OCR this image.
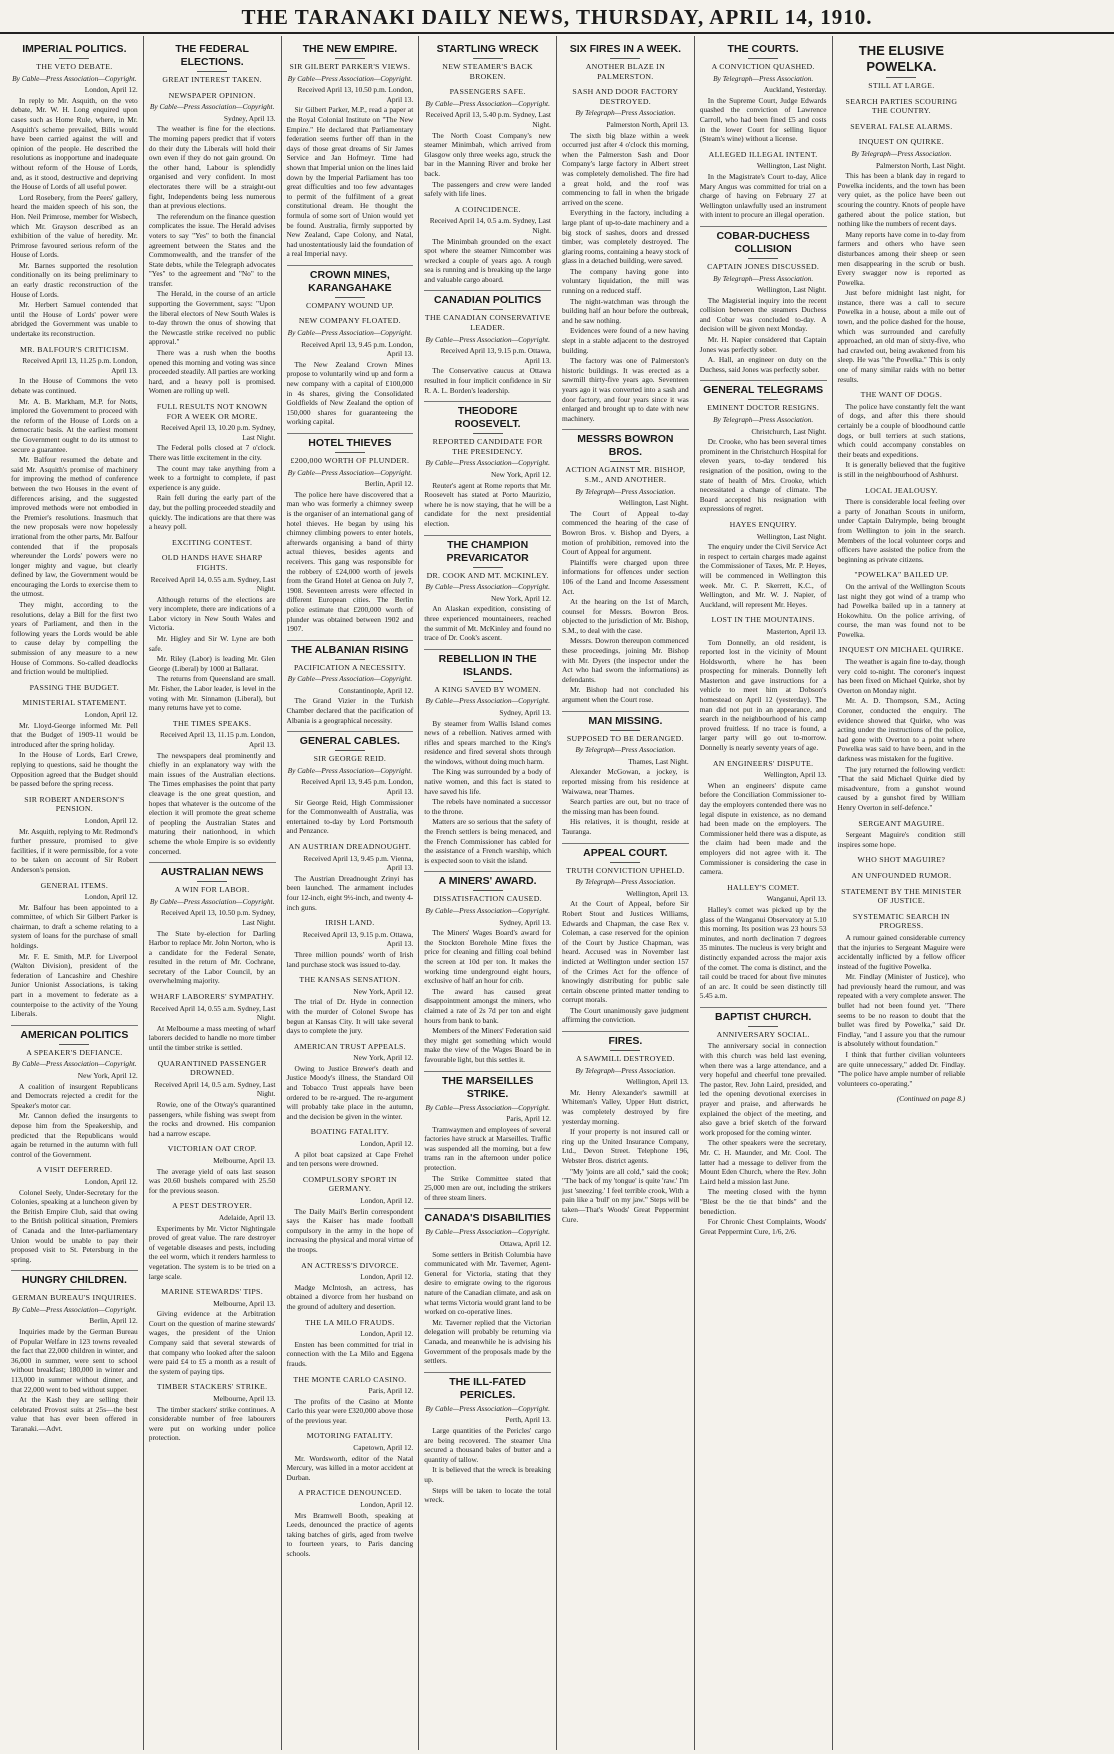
THE TARANAKI DAILY NEWS, THURSDAY, APRIL 14, 1910.
IMPERIAL POLITICS.
THE VETO DEBATE.
By Cable—Press Association—Copyright.
London, April 12.
In reply to Mr. Asquith, on the veto debate, Mr. W. H. Long enquired upon cases such as Home Rule, where, in Mr. Asquith's scheme prevailed, Bills would have been carried against the will and opinion of the people. He described the resolutions as inopportune and inadequate without reform of the House of Lords, and, as it stood, destructive and depriving the House of Lords of all useful power.
Lord Rosebery, from the Peers' gallery, heard the maiden speech of his son, the Hon. Neil Primrose, member for Wisbech, which Mr. Grayson described as an exhibition of the value of heredity. Mr. Primrose favoured serious reform of the House of Lords.
Mr. Barnes supported the resolution conditionally on its being preliminary to an early drastic reconstruction of the House of Lords.
Mr. Herbert Samuel contended that until the House of Lords' power were abridged the Government was unable to undertake its reconstruction.
MR. BALFOUR'S CRITICISM.
Received April 13, 11.25 p.m. London, April 13.
In the House of Commons the veto debate was continued.
Mr. A. B. Markham, M.P. for Notts, implored the Government to proceed with the reform of the House of Lords on a democratic basis. At the earliest moment the Government ought to do its utmost to secure a guarantee.
Mr. Balfour resumed the debate and said Mr. Asquith's promise of machinery for improving the method of conference between the two Houses in the event of differences arising, and the suggested improved methods were not embodied in the Premier's resolutions. Inasmuch that the new proposals were now hopelessly irrational from the other parts, Mr. Balfour contended that if the proposals whereunder the Lords' powers were no longer mighty and vague, but clearly defined by law, the Government would be encouraging the Lords to exercise them to the utmost.
They might, according to the resolutions, delay a Bill for the first two years of Parliament, and then in the following years the Lords would be able to cause delay by compelling the submission of any measure to a new House of Commons. So-called deadlocks and friction would be multiplied.
PASSING THE BUDGET.
MINISTERIAL STATEMENT.
London, April 12.
Mr. Lloyd-George informed Mr. Pell that the Budget of 1909-11 would be introduced after the spring holiday.
In the House of Lords, Earl Crewe, replying to questions, said he thought the Opposition agreed that the Budget should be passed before the spring recess.
SIR ROBERT ANDERSON'S PENSION.
London, April 12.
Mr. Asquith, replying to Mr. Redmond's further pressure, promised to give facilities, if it were permissible, for a vote to be taken on account of Sir Robert Anderson's pension.
GENERAL ITEMS.
London, April 12.
Mr. Balfour has been appointed to a committee, of which Sir Gilbert Parker is chairman, to draft a scheme relating to a system of loans for the purchase of small holdings.
Mr. F. E. Smith, M.P. for Liverpool (Walton Division), president of the federation of Lancashire and Cheshire Junior Unionist Associations, is taking part in a movement to federate as a counterpoise to the activity of the Young Liberals.
AMERICAN POLITICS
A SPEAKER'S DEFIANCE.
By Cable—Press Association—Copyright.
New York, April 12.
A coalition of insurgent Republicans and Democrats rejected a credit for the Speaker's motor car.
Mr. Cannon defied the insurgents to depose him from the Speakership, and predicted that the Republicans would again be returned in the autumn with full control of the Government.
A VISIT DEFERRED.
London, April 12.
Colonel Seely, Under-Secretary for the Colonies, speaking at a luncheon given by the British Empire Club, said that owing to the British political situation, Premiers of Canada and the Inter-parliamentary Union would be unable to pay their proposed visit to St. Petersburg in the spring.
HUNGRY CHILDREN.
GERMAN BUREAU'S INQUIRIES.
By Cable—Press Association—Copyright.
Berlin, April 12.
Inquiries made by the German Bureau of Popular Welfare in 123 towns revealed the fact that 22,000 children in winter, and 36,000 in summer, were sent to school without breakfast; 180,000 in winter and 113,000 in summer without dinner, and that 22,000 went to bed without supper.
At the Kash they are selling their celebrated Provost suits at 25s—the best value that has ever been offered in Taranaki.—Advt.
THE FEDERAL ELECTIONS.
GREAT INTEREST TAKEN.
NEWSPAPER OPINION.
By Cable—Press Association—Copyright.
Sydney, April 13.
The weather is fine for the elections. The morning papers predict that if voters do their duty the Liberals will hold their own even if they do not gain ground. On the other hand, Labour is splendidly organised and very confident. In most electorates there will be a straight-out fight, Independents being less numerous than at previous elections.
The referendum on the finance question complicates the issue. The Herald advises voters to say "Yes" to both the financial agreement between the States and the Commonwealth, and the transfer of the State debts, while the Telegraph advocates "Yes" to the agreement and "No" to the transfer.
The Herald, in the course of an article supporting the Government, says: "Upon the liberal electors of New South Wales is to-day thrown the onus of showing that the Newcastle strike received no public approval."
There was a rush when the booths opened this morning and voting was since proceeded steadily. All parties are working hard, and a heavy poll is promised. Women are rolling up well.
FULL RESULTS NOT KNOWN FOR A WEEK OR MORE.
Received April 13, 10.20 p.m. Sydney, Last Night.
The Federal polls closed at 7 o'clock. There was little excitement in the city.
The count may take anything from a week to a fortnight to complete, if past experience is any guide.
Rain fell during the early part of the day, but the polling proceeded steadily and quickly. The indications are that there was a heavy poll.
EXCITING CONTEST.
OLD HANDS HAVE SHARP FIGHTS.
Received April 14, 0.55 a.m. Sydney, Last Night.
Although returns of the elections are very incomplete, there are indications of a Labor victory in New South Wales and Victoria.
Mr. Higley and Sir W. Lyne are both safe.
Mr. Riley (Labor) is leading Mr. Glen George (Liberal) by 1000 at Ballarat.
The returns from Queensland are small. Mr. Fisher, the Labor leader, is level in the voting with Mr. Sinnamon (Liberal), but many returns have yet to come.
THE TIMES SPEAKS.
Received April 13, 11.15 p.m. London, April 13.
The newspapers deal prominently and chiefly in an explanatory way with the main issues of the Australian elections. The Times emphasises the point that party cleavage is the one great question, and hopes that whatever is the outcome of the election it will promote the great scheme of peopling the Australian States and maturing their nationhood, in which scheme the whole Empire is so evidently concerned.
AUSTRALIAN NEWS
A WIN FOR LABOR.
By Cable—Press Association—Copyright.
Received April 13, 10.50 p.m. Sydney, Last Night.
The State by-election for Darling Harbor to replace Mr. John Norton, who is a candidate for the Federal Senate, resulted in the return of Mr. Cochrane, secretary of the Labor Council, by an overwhelming majority.
WHARF LABORERS' SYMPATHY.
Received April 14, 0.55 a.m. Sydney, Last Night.
At Melbourne a mass meeting of wharf laborers decided to handle no more timber until the timber strike is settled.
QUARANTINED PASSENGER DROWNED.
Received April 14, 0.5 a.m. Sydney, Last Night.
Rowie, one of the Otway's quarantined passengers, while fishing was swept from the rocks and drowned. His companion had a narrow escape.
VICTORIAN OAT CROP.
Melbourne, April 13.
The average yield of oats last season was 20.60 bushels compared with 25.50 for the previous season.
A PEST DESTROYER.
Adelaide, April 13.
Experiments by Mr. Victor Nightingale proved of great value. The rare destroyer of vegetable diseases and pests, including the eel worm, which it renders harmless to vegetation. The system is to be tried on a large scale.
MARINE STEWARDS' TIPS.
Melbourne, April 13.
Giving evidence at the Arbitration Court on the question of marine stewards' wages, the president of the Union Company said that several stewards of that company who looked after the saloon were paid £4 to £5 a month as a result of the system of paying tips.
TIMBER STACKERS' STRIKE.
Melbourne, April 13.
The timber stackers' strike continues. A considerable number of free labourers were put on working under police protection.
THE NEW EMPIRE.
SIR GILBERT PARKER'S VIEWS.
By Cable—Press Association—Copyright.
Received April 13, 10.50 p.m. London, April 13.
Sir Gilbert Parker, M.P., read a paper at the Royal Colonial Institute on "The New Empire." He declared that Parliamentary federation seems further off than in the days of those great dreams of Sir James Service and Jan Hofmeyr. Time had shown that Imperial union on the lines laid down by the Imperial Parliament has too great difficulties and too few advantages to permit of the fulfilment of a great constitutional dream. He thought the formula of some sort of Union would yet be found. Australia, firmly supported by New Zealand, Cape Colony, and Natal, had unostentatiously laid the foundation of a real Imperial navy.
CROWN MINES, KARANGAHAKE
COMPANY WOUND UP.
NEW COMPANY FLOATED.
By Cable—Press Association—Copyright.
Received April 13, 9.45 p.m. London, April 13.
The New Zealand Crown Mines propose to voluntarily wind up and form a new company with a capital of £100,000 in 4s shares, giving the Consolidated Goldfields of New Zealand the option of 150,000 shares for guaranteeing the working capital.
HOTEL THIEVES
£200,000 WORTH OF PLUNDER.
By Cable—Press Association—Copyright.
Berlin, April 12.
The police here have discovered that a man who was formerly a chimney sweep is the organiser of an international gang of hotel thieves. He began by using his chimney climbing powers to enter hotels, afterwards organising a band of thirty actual thieves, besides agents and receivers. This gang was responsible for the robbery of £24,000 worth of jewels from the Grand Hotel at Genoa on July 7, 1908. Seventeen arrests were effected in different European cities. The Berlin police estimate that £200,000 worth of plunder was obtained between 1902 and 1907.
THE ALBANIAN RISING
PACIFICATION A NECESSITY.
By Cable—Press Association—Copyright.
Constantinople, April 12.
The Grand Vizier in the Turkish Chamber declared that the pacification of Albania is a geographical necessity.
GENERAL CABLES.
SIR GEORGE REID.
By Cable—Press Association—Copyright.
Received April 13, 9.45 p.m. London, April 13.
Sir George Reid, High Commissioner for the Commonwealth of Australia, was entertained to-day by Lord Portsmouth and Penzance.
AN AUSTRIAN DREADNOUGHT.
Received April 13, 9.45 p.m. Vienna, April 13.
The Austrian Dreadnought Zrinyi has been launched. The armament includes four 12-inch, eight 9½-inch, and twenty 4-inch guns.
IRISH LAND.
Received April 13, 9.15 p.m. Ottawa, April 13.
Three million pounds' worth of Irish land purchase stock was issued to-day.
THE KANSAS SENSATION.
New York, April 12.
The trial of Dr. Hyde in connection with the murder of Colonel Swope has begun at Kansas City. It will take several days to complete the jury.
AMERICAN TRUST APPEALS.
New York, April 12.
Owing to Justice Brewer's death and Justice Moody's illness, the Standard Oil and Tobacco Trust appeals have been ordered to be re-argued. The re-argument will probably take place in the autumn, and the decision be given in the winter.
BOATING FATALITY.
London, April 12.
A pilot boat capsized at Cape Frehel and ten persons were drowned.
COMPULSORY SPORT IN GERMANY.
London, April 12.
The Daily Mail's Berlin correspondent says the Kaiser has made football compulsory in the army in the hope of increasing the physical and moral virtue of the troops.
AN ACTRESS'S DIVORCE.
London, April 12.
Madge McIntosh, an actress, has obtained a divorce from her husband on the ground of adultery and desertion.
THE LA MILO FRAUDS.
London, April 12.
Ensten has been committed for trial in connection with the La Milo and Eggena frauds.
THE MONTE CARLO CASINO.
Paris, April 12.
The profits of the Casino at Monte Carlo this year were £320,000 above those of the previous year.
MOTORING FATALITY.
Capetown, April 12.
Mr. Wordsworth, editor of the Natal Mercury, was killed in a motor accident at Durban.
A PRACTICE DENOUNCED.
London, April 12.
Mrs Bramwell Booth, speaking at Leeds, denounced the practice of agents taking batches of girls, aged from twelve to fourteen years, to Paris dancing schools.
STARTLING WRECK
NEW STEAMER'S BACK BROKEN.
PASSENGERS SAFE.
By Cable—Press Association—Copyright.
Received April 13, 5.40 p.m. Sydney, Last Night.
The North Coast Company's new steamer Minimbah, which arrived from Glasgow only three weeks ago, struck the bar in the Manning River and broke her back.
The passengers and crew were landed safely with life lines.
A COINCIDENCE.
Received April 14, 0.5 a.m. Sydney, Last Night.
The Minimbah grounded on the exact spot where the steamer Nimcomber was wrecked a couple of years ago. A rough sea is running and is breaking up the large and valuable cargo aboard.
CANADIAN POLITICS
THE CANADIAN CONSERVATIVE LEADER.
By Cable—Press Association—Copyright.
Received April 13, 9.15 p.m. Ottawa, April 13.
The Conservative caucus at Ottawa resulted in four implicit confidence in Sir R. A. L. Borden's leadership.
THEODORE ROOSEVELT.
REPORTED CANDIDATE FOR THE PRESIDENCY.
By Cable—Press Association—Copyright.
New York, April 12.
Reuter's agent at Rome reports that Mr. Roosevelt has stated at Porto Maurizio, where he is now staying, that he will be a candidate for the next presidential election.
THE CHAMPION PREVARICATOR
DR. COOK AND MT. MCKINLEY.
By Cable—Press Association—Copyright.
New York, April 12.
An Alaskan expedition, consisting of three experienced mountaineers, reached the summit of Mt. McKinley and found no trace of Dr. Cook's ascent.
REBELLION IN THE ISLANDS.
A KING SAVED BY WOMEN.
By Cable—Press Association—Copyright.
Sydney, April 13.
By steamer from Wallis Island comes news of a rebellion. Natives armed with rifles and spears marched to the King's residence and fired several shots through the windows, without doing much harm.
The King was surrounded by a body of native women, and this fact is stated to have saved his life.
The rebels have nominated a successor to the throne.
Matters are so serious that the safety of the French settlers is being menaced, and the French Commissioner has cabled for the assistance of a French warship, which is expected soon to visit the island.
A MINERS' AWARD.
DISSATISFACTION CAUSED.
By Cable—Press Association—Copyright.
Sydney, April 13.
The Miners' Wages Board's award for the Stockton Borehole Mine fixes the price for cleaning and filling coal behind the screen at 10d per ton. It makes the working time underground eight hours, exclusive of half an hour for crib.
The award has caused great disappointment amongst the miners, who claimed a rate of 2s 7d per ton and eight hours from bank to bank.
Members of the Miners' Federation said they might get something which would make the view of the Wages Board be in favourable light, but this settles it.
THE MARSEILLES STRIKE.
By Cable—Press Association—Copyright.
Paris, April 12.
Tramwaymen and employees of several factories have struck at Marseilles. Traffic was suspended all the morning, but a few trams ran in the afternoon under police protection.
The Strike Committee stated that 25,000 men are out, including the strikers of three steam liners.
CANADA'S DISABILITIES
By Cable—Press Association—Copyright.
Ottawa, April 12.
Some settlers in British Columbia have communicated with Mr. Taverner, Agent-General for Victoria, stating that they desire to emigrate owing to the rigorous nature of the Canadian climate, and ask on what terms Victoria would grant land to be worked on co-operative lines.
Mr. Taverner replied that the Victorian delegation will probably be returning via Canada, and meanwhile he is advising his Government of the proposals made by the settlers.
THE ILL-FATED PERICLES.
By Cable—Press Association—Copyright.
Perth, April 13.
Large quantities of the Pericles' cargo are being recovered. The steamer Una secured a thousand bales of butter and a quantity of tallow.
It is believed that the wreck is breaking up.
Steps will be taken to locate the total wreck.
SIX FIRES IN A WEEK.
ANOTHER BLAZE IN PALMERSTON.
SASH AND DOOR FACTORY DESTROYED.
By Telegraph—Press Association.
Palmerston North, April 13.
The sixth big blaze within a week occurred just after 4 o'clock this morning, when the Palmerston Sash and Door Company's large factory in Albert street was completely demolished. The fire had a great hold, and the roof was commencing to fall in when the brigade arrived on the scene.
Everything in the factory, including a large plant of up-to-date machinery and a big stock of sashes, doors and dressed timber, was completely destroyed. The glaring rooms, containing a heavy stock of glass in a detached building, were saved.
The company having gone into voluntary liquidation, the mill was running on a reduced staff.
The night-watchman was through the building half an hour before the outbreak, and he saw nothing.
Evidences were found of a new having slept in a stable adjacent to the destroyed building.
The factory was one of Palmerston's historic buildings. It was erected as a sawmill thirty-five years ago. Seventeen years ago it was converted into a sash and door factory, and four years since it was enlarged and brought up to date with new machinery.
MESSRS BOWRON BROS.
ACTION AGAINST MR. BISHOP, S.M., AND ANOTHER.
By Telegraph—Press Association.
Wellington, Last Night.
The Court of Appeal to-day commenced the hearing of the case of Bowron Bros. v. Bishop and Dyers, a motion of prohibition, removed into the Court of Appeal for argument.
Plaintiffs were charged upon three informations for offences under section 106 of the Land and Income Assessment Act.
At the hearing on the 1st of March, counsel for Messrs. Bowron Bros. objected to the jurisdiction of Mr. Bishop, S.M., to deal with the case.
Messrs. Dowron thereupon commenced these proceedings, joining Mr. Bishop with Mr. Dyers (the inspector under the Act who had sworn the informations) as defendants.
Mr. Bishop had not concluded his argument when the Court rose.
MAN MISSING.
SUPPOSED TO BE DERANGED.
By Telegraph—Press Association.
Thames, Last Night.
Alexander McGowan, a jockey, is reported missing from his residence at Waiwawa, near Thames.
Search parties are out, but no trace of the missing man has been found.
His relatives, it is thought, reside at Tauranga.
APPEAL COURT.
TRUTH CONVICTION UPHELD.
By Telegraph—Press Association.
Wellington, April 13.
At the Court of Appeal, before Sir Robert Stout and Justices Williams, Edwards and Chapman, the case Rex v. Coleman, a case reserved for the opinion of the Court by Justice Chapman, was heard. Accused was in November last indicted at Wellington under section 157 of the Crimes Act for the offence of knowingly distributing for public sale certain obscene printed matter tending to corrupt morals.
The Court unanimously gave judgment affirming the conviction.
FIRES.
A SAWMILL DESTROYED.
By Telegraph—Press Association.
Wellington, April 13.
Mr. Henry Alexander's sawmill at Whiteman's Valley, Upper Hutt district, was completely destroyed by fire yesterday morning.
If your property is not insured call or ring up the United Insurance Company, Ltd., Devon Street. Telephone 196, Webster Bros. district agents.
"My 'joints are all cold," said the cook; "The back of my 'tongue' is quite 'raw.' I'm just 'sneezing.' I feel terrible crook, With a pain like a 'bull' on my jaw." Steps will be taken—That's Woods' Great Peppermint Cure.
THE COURTS.
A CONVICTION QUASHED.
By Telegraph—Press Association.
Auckland, Yesterday.
In the Supreme Court, Judge Edwards quashed the conviction of Lawrence Carroll, who had been fined £5 and costs in the lower Court for selling liquor (Steam's wine) without a license.
ALLEGED ILLEGAL INTENT.
Wellington, Last Night.
In the Magistrate's Court to-day, Alice Mary Angus was committed for trial on a charge of having on February 27 at Wellington unlawfully used an instrument with intent to procure an illegal operation.
COBAR-DUCHESS COLLISION
CAPTAIN JONES DISCUSSED.
By Telegraph—Press Association.
Wellington, Last Night.
The Magisterial inquiry into the recent collision between the steamers Duchess and Cobar was concluded to-day. A decision will be given next Monday.
Mr. H. Napier considered that Captain Jones was perfectly sober.
A. Hall, an engineer on duty on the Duchess, said Jones was perfectly sober.
GENERAL TELEGRAMS
EMINENT DOCTOR RESIGNS.
By Telegraph—Press Association.
Christchurch, Last Night.
Dr. Crooke, who has been several times prominent in the Christchurch Hospital for eleven years, to-day tendered his resignation of the position, owing to the state of health of Mrs. Crooke, which necessitated a change of climate. The Board accepted his resignation with expressions of regret.
HAYES ENQUIRY.
Wellington, Last Night.
The enquiry under the Civil Service Act in respect to certain charges made against the Commissioner of Taxes, Mr. P. Heyes, will be commenced in Wellington this week. Mr. C. P. Skerrett, K.C., of Wellington, and Mr. W. J. Napier, of Auckland, will represent Mr. Heyes.
LOST IN THE MOUNTAINS.
Masterton, April 13.
Tom Donnelly, an old resident, is reported lost in the vicinity of Mount Holdsworth, where he has been prospecting for minerals. Donnelly left Masterton and gave instructions for a vehicle to meet him at Dobson's homestead on April 12 (yesterday). The man did not put in an appearance, and search in the neighbourhood of his camp proved fruitless. If no trace is found, a larger party will go out to-morrow. Donnelly is nearly seventy years of age.
AN ENGINEERS' DISPUTE.
Wellington, April 13.
When an engineers' dispute came before the Conciliation Commissioner to-day the employers contended there was no legal dispute in existence, as no demand had been made on the employers. The Commissioner held there was a dispute, as the claim had been made and the employers did not agree with it. The Commissioner is considering the case in camera.
HALLEY'S COMET.
Wanganui, April 13.
Halley's comet was picked up by the glass of the Wanganui Observatory at 5.10 this morning. Its position was 23 hours 53 minutes, and north declination 7 degrees 35 minutes. The nucleus is very bright and distinctly expanded across the major axis of the comet. The coma is distinct, and the tail could be traced for about five minutes of an arc. It could be seen distinctly till 5.45 a.m.
BAPTIST CHURCH.
ANNIVERSARY SOCIAL.
The anniversary social in connection with this church was held last evening, when there was a large attendance, and a very hopeful and cheerful tone prevailed. The pastor, Rev. John Laird, presided, and led the opening devotional exercises in prayer and praise, and afterwards he explained the object of the meeting, and also gave a brief sketch of the forward work proposed for the coming winter.
The other speakers were the secretary, Mr. C. H. Maunder, and Mr. Cool. The latter had a message to deliver from the Mount Eden Church, where the Rev. John Laird held a mission last June.
The meeting closed with the hymn "Blest be the tie that binds" and the benediction.
For Chronic Chest Complaints, Woods' Great Peppermint Cure, 1/6, 2/6.
THE ELUSIVE POWELKA.
STILL AT LARGE.
SEARCH PARTIES SCOURING THE COUNTRY.
SEVERAL FALSE ALARMS.
INQUEST ON QUIRKE.
By Telegraph—Press Association.
Palmerston North, Last Night.
This has been a blank day in regard to Powelka incidents, and the town has been very quiet, as the police have been out scouring the country. Knots of people have gathered about the police station, but nothing like the numbers of recent days.
Many reports have come in to-day from farmers and others who have seen disturbances among their sheep or seen men disappearing in the scrub or bush. Every swagger now is reported as Powelka.
Just before midnight last night, for instance, there was a call to secure Powelka in a house, about a mile out of town, and the police dashed for the house, which was surrounded and carefully approached, an old man of sixty-five, who had crawled out, being awakened from his sleep. He was "the Powelka." This is only one of many similar raids with no better results.
THE WANT OF DOGS.
The police have constantly felt the want of dogs, and after this there should certainly be a couple of bloodhound cattle dogs, or bull terriers at such stations, which could accompany constables on their beats and expeditions.
It is generally believed that the fugitive is still in the neighbourhood of Ashhurst.
LOCAL JEALOUSY.
There is considerable local feeling over a party of Jonathan Scouts in uniform, under Captain Dalrymple, being brought from Wellington to join in the search. Members of the local volunteer corps and officers have assisted the police from the beginning as private citizens.
"POWELKA" BAILED UP.
On the arrival of the Wellington Scouts last night they got wind of a tramp who had Powelka bailed up in a tannery at Hokowhitu. On the police arriving, of course, the man was found not to be Powelka.
INQUEST ON MICHAEL QUIRKE.
The weather is again fine to-day, though very cold to-night. The coroner's inquest has been fixed on Michael Quirke, shot by Overton on Monday night.
Mr. A. D. Thompson, S.M., Acting Coroner, conducted the enquiry. The evidence showed that Quirke, who was acting under the instructions of the police, had gone with Overton to a point where Powelka was said to have been, and in the darkness was mistaken for the fugitive.
The jury returned the following verdict: "That the said Michael Quirke died by misadventure, from a gunshot wound caused by a gunshot fired by William Henry Overton in self-defence."
SERGEANT MAGUIRE.
Sergeant Maguire's condition still inspires some hope.
WHO SHOT MAGUIRE?
AN UNFOUNDED RUMOR.
STATEMENT BY THE MINISTER OF JUSTICE.
SYSTEMATIC SEARCH IN PROGRESS.
A rumour gained considerable currency that the injuries to Sergeant Maguire were accidentally inflicted by a fellow officer instead of the fugitive Powelka.
Mr. Findlay (Minister of Justice), who had previously heard the rumour, and was repeated with a very complete answer. The bullet had not been found yet. "There seems to be no reason to doubt that the bullet was fired by Powelka," said Dr. Findlay, "and I assure you that the rumour is absolutely without foundation."
I think that further civilian volunteers are quite unnecessary," added Dr. Findlay. "The police have ample number of reliable volunteers co-operating."
(Continued on page 8.)
